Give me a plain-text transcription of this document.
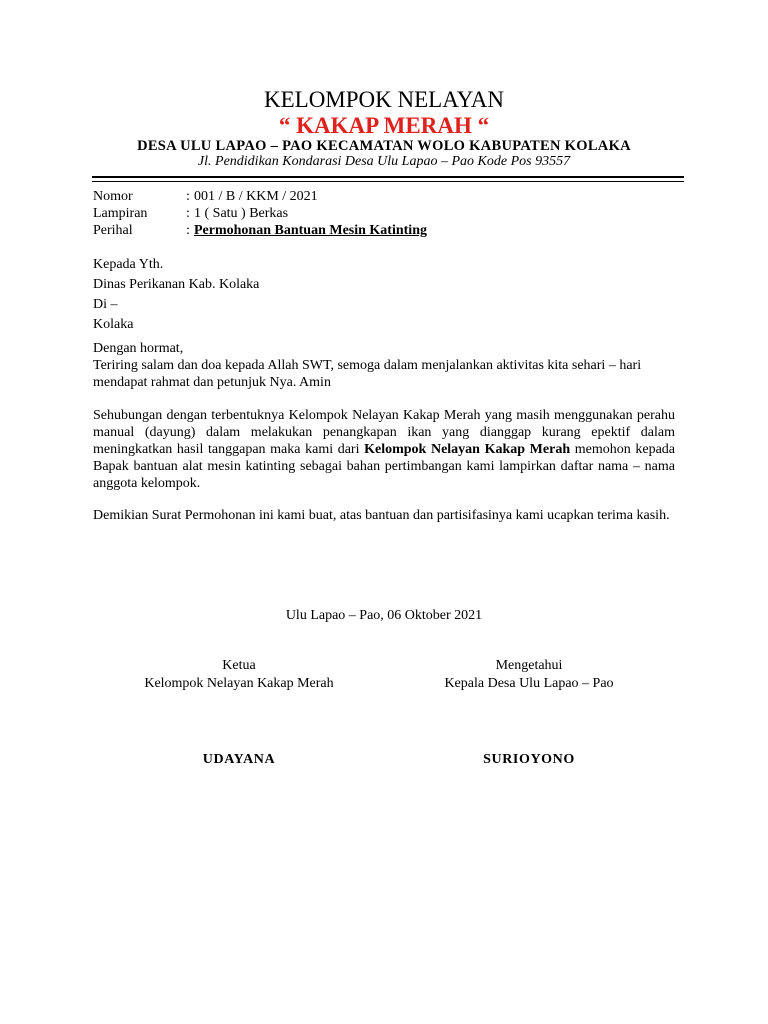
KELOMPOK NELAYAN
“ KAKAP MERAH “
DESA ULU LAPAO – PAO KECAMATAN WOLO KABUPATEN KOLAKA
Jl. Pendidikan Kondarasi Desa Ulu Lapao – Pao Kode Pos 93557
Nomor	: 001 / B / KKM / 2021
Lampiran	: 1 ( Satu ) Berkas
Perihal	: Permohonan Bantuan Mesin Katinting
Kepada Yth.
Dinas Perikanan Kab. Kolaka
Di –
Kolaka
Dengan hormat,
Teriring salam dan doa kepada Allah SWT, semoga dalam menjalankan aktivitas kita sehari – hari mendapat rahmat dan petunjuk Nya. Amin
Sehubungan dengan terbentuknya Kelompok Nelayan Kakap Merah yang masih menggunakan perahu manual (dayung) dalam melakukan penangkapan ikan yang dianggap kurang epektif dalam meningkatkan hasil tanggapan maka kami dari Kelompok Nelayan Kakap Merah memohon kepada Bapak bantuan alat mesin katinting sebagai bahan pertimbangan kami lampirkan daftar nama – nama anggota kelompok.
Demikian Surat Permohonan ini kami buat, atas bantuan dan partisifasinya kami ucapkan terima kasih.
Ulu Lapao – Pao, 06 Oktober 2021
Ketua
Kelompok Nelayan Kakap Merah
Mengetahui
Kepala Desa Ulu Lapao – Pao
UDAYANA	SURIOYONO
